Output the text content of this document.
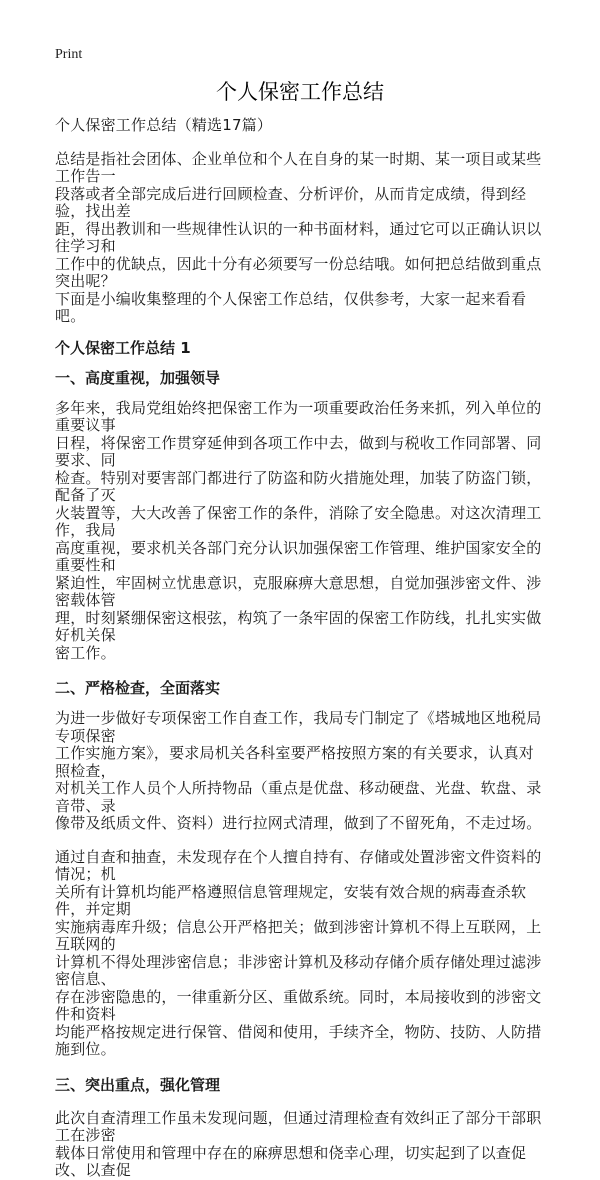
Print
个人保密工作总结
个人保密工作总结（精选17篇）
总结是指社会团体、企业单位和个人在自身的某一时期、某一项目或某些工作告一
段落或者全部完成后进行回顾检查、分析评价，从而肯定成绩，得到经验，找出差
距，得出教训和一些规律性认识的一种书面材料，通过它可以正确认识以往学习和
工作中的优缺点，因此十分有必须要写一份总结哦。如何把总结做到重点突出呢？
下面是小编收集整理的个人保密工作总结，仅供参考，大家一起来看看吧。
个人保密工作总结 1
一、高度重视，加强领导
多年来，我局党组始终把保密工作为一项重要政治任务来抓，列入单位的重要议事
日程，将保密工作贯穿延伸到各项工作中去，做到与税收工作同部署、同要求、同
检查。特别对要害部门都进行了防盗和防火措施处理，加装了防盗门锁，配备了灭
火装置等，大大改善了保密工作的条件，消除了安全隐患。对这次清理工作，我局
高度重视，要求机关各部门充分认识加强保密工作管理、维护国家安全的重要性和
紧迫性，牢固树立忧患意识，克服麻痹大意思想，自觉加强涉密文件、涉密载体管
理，时刻紧绷保密这根弦，构筑了一条牢固的保密工作防线，扎扎实实做好机关保
密工作。
二、严格检查，全面落实
为进一步做好专项保密工作自查工作，我局专门制定了《塔城地区地税局专项保密
工作实施方案》，要求局机关各科室要严格按照方案的有关要求，认真对照检查，
对机关工作人员个人所持物品（重点是优盘、移动硬盘、光盘、软盘、录音带、录
像带及纸质文件、资料）进行拉网式清理，做到了不留死角，不走过场。
通过自查和抽查，未发现存在个人擅自持有、存储或处置涉密文件资料的情况；机
关所有计算机均能严格遵照信息管理规定，安装有效合规的病毒查杀软件，并定期
实施病毒库升级；信息公开严格把关；做到涉密计算机不得上互联网，上互联网的
计算机不得处理涉密信息；非涉密计算机及移动存储介质存储处理过滤涉密信息、
存在涉密隐患的，一律重新分区、重做系统。同时，本局接收到的涉密文件和资料
均能严格按规定进行保管、借阅和使用，手续齐全，物防、技防、人防措施到位。
三、突出重点，强化管理
此次自查清理工作虽未发现问题，但通过清理检查有效纠正了部分干部职工在涉密
载体日常使用和管理中存在的麻痹思想和侥幸心理，切实起到了以查促改、以查促
